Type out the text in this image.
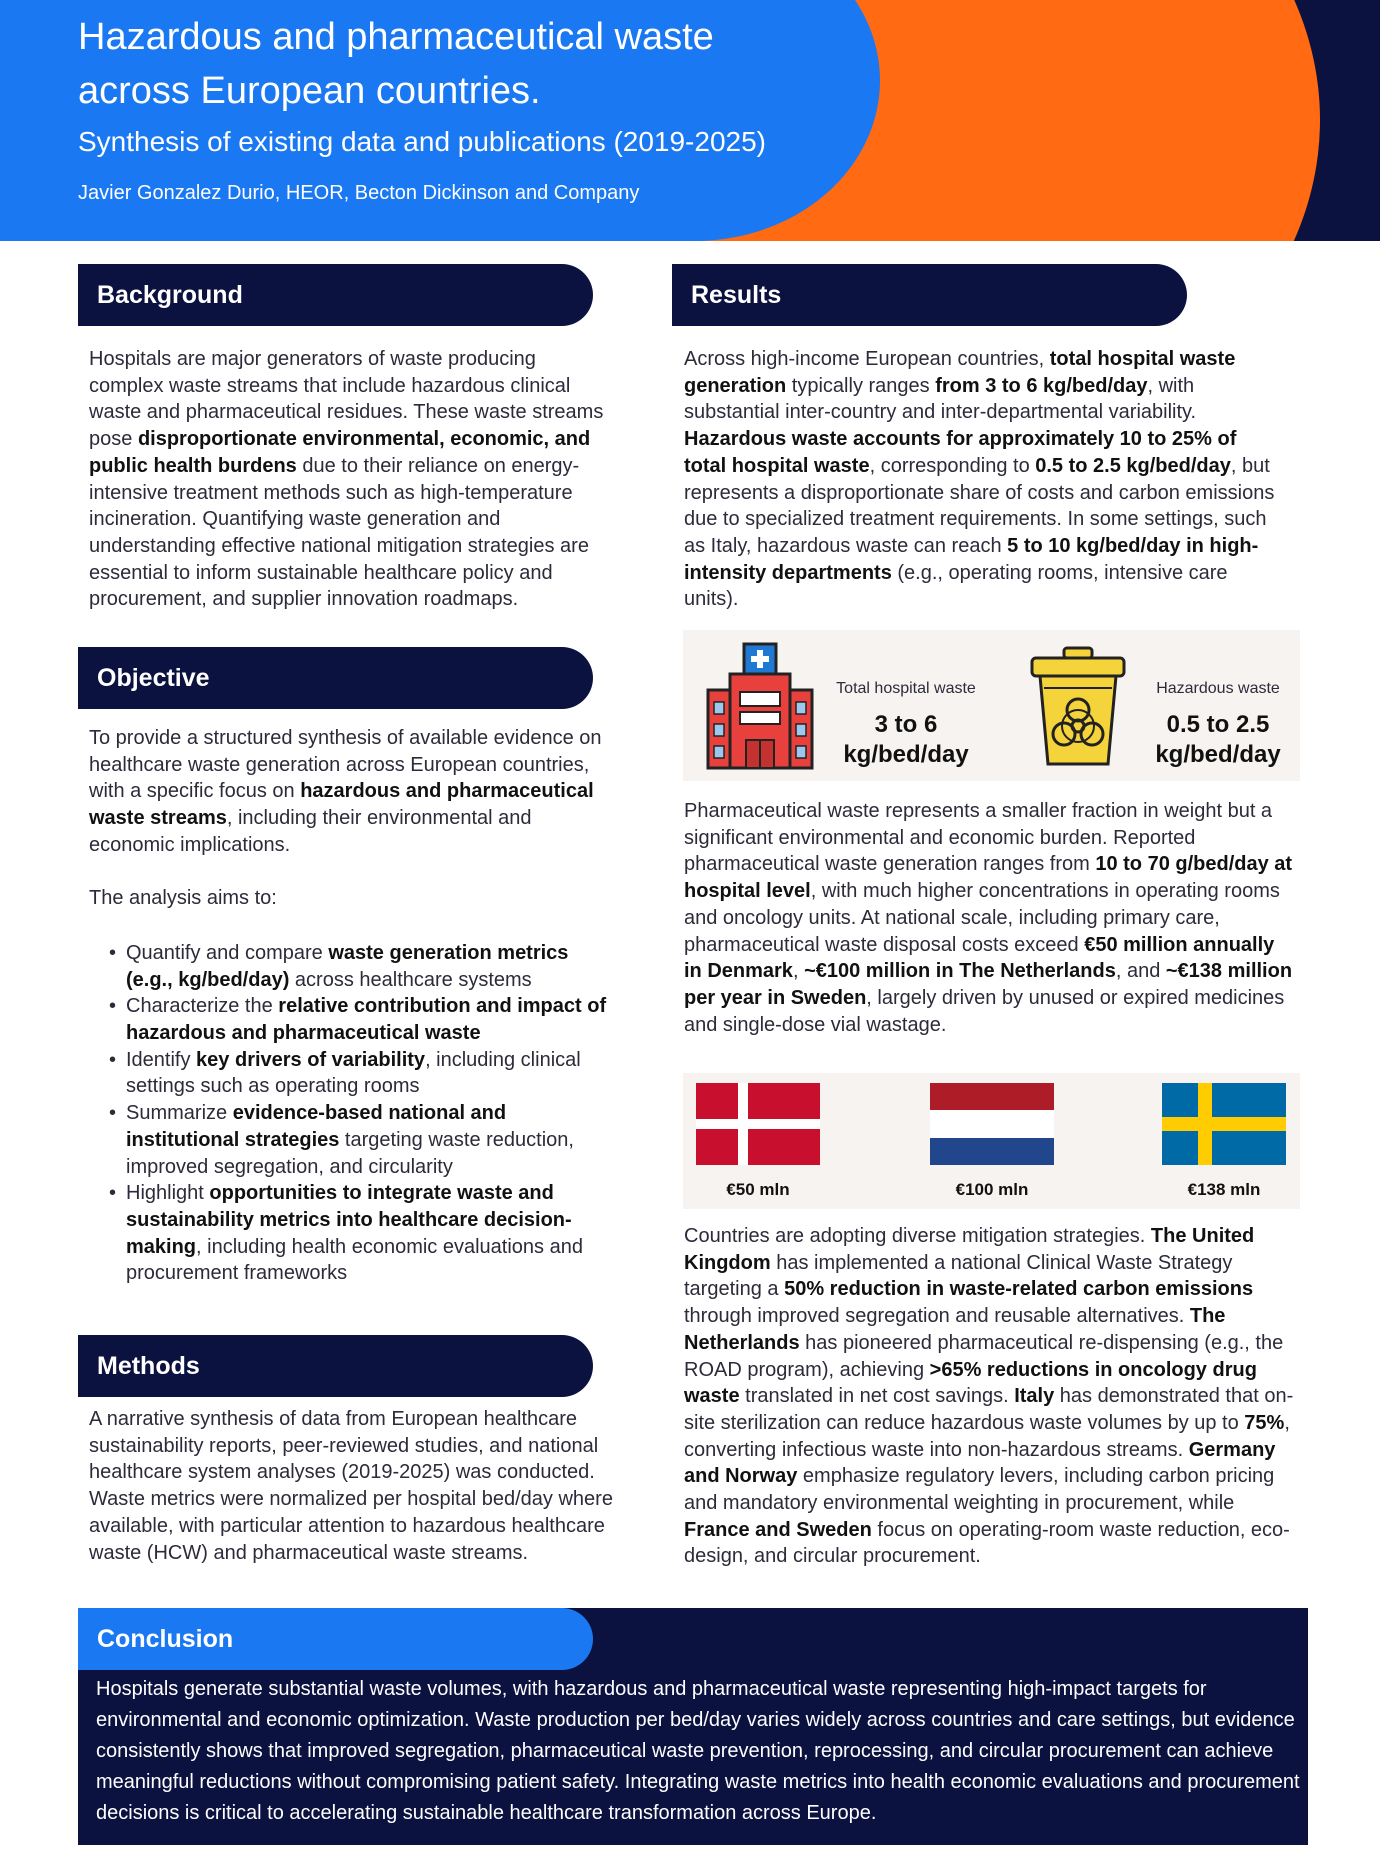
Hazardous and pharmaceutical waste
across European countries.

Synthesis of existing data and publications (2019-2025)

Javier Gonzalez Durio, HEOR, Becton Dickinson and Company

Background

Hospitals are major generators of waste producing complex waste streams that include hazardous clinical waste and pharmaceutical residues. These waste streams pose disproportionate environmental, economic, and public health burdens due to their reliance on energy-intensive treatment methods such as high-temperature incineration. Quantifying waste generation and understanding effective national mitigation strategies are essential to inform sustainable healthcare policy and procurement, and supplier innovation roadmaps.

Objective

To provide a structured synthesis of available evidence on healthcare waste generation across European countries, with a specific focus on hazardous and pharmaceutical waste streams, including their environmental and economic implications.

The analysis aims to:

• Quantify and compare waste generation metrics (e.g., kg/bed/day) across healthcare systems
• Characterize the relative contribution and impact of hazardous and pharmaceutical waste
• Identify key drivers of variability, including clinical settings such as operating rooms
• Summarize evidence-based national and institutional strategies targeting waste reduction, improved segregation, and circularity
• Highlight opportunities to integrate waste and sustainability metrics into healthcare decision-making, including health economic evaluations and procurement frameworks
Methods

A narrative synthesis of data from European healthcare sustainability reports, peer-reviewed studies, and national healthcare system analyses (2019-2025) was conducted. Waste metrics were normalized per hospital bed/day where available, with particular attention to hazardous healthcare waste (HCW) and pharmaceutical waste streams.

Results

Across high-income European countries, total hospital waste generation typically ranges from 3 to 6 kg/bed/day, with substantial inter-country and inter-departmental variability. Hazardous waste accounts for approximately 10 to 25% of total hospital waste, corresponding to 0.5 to 2.5 kg/bed/day, but represents a disproportionate share of costs and carbon emissions due to specialized treatment requirements. In some settings, such as Italy, hazardous waste can reach 5 to 10 kg/bed/day in high-intensity departments (e.g., operating rooms, intensive care units).

Total hospital waste
3 to 6
kg/bed/day
Hazardous waste
0.5 to 2.5
kg/bed/day

Pharmaceutical waste represents a smaller fraction in weight but a significant environmental and economic burden. Reported pharmaceutical waste generation ranges from 10 to 70 g/bed/day at hospital level, with much higher concentrations in operating rooms and oncology units. At national scale, including primary care, pharmaceutical waste disposal costs exceed €50 million annually in Denmark, ~€100 million in The Netherlands, and ~€138 million per year in Sweden, largely driven by unused or expired medicines and single-dose vial wastage.

€50 mln	€100 mln	€138 mln

Countries are adopting diverse mitigation strategies. The United Kingdom has implemented a national Clinical Waste Strategy targeting a 50% reduction in waste-related carbon emissions through improved segregation and reusable alternatives. The Netherlands has pioneered pharmaceutical re-dispensing (e.g., the ROAD program), achieving >65% reductions in oncology drug waste translated in net cost savings. Italy has demonstrated that on-site sterilization can reduce hazardous waste volumes by up to 75%, converting infectious waste into non-hazardous streams. Germany and Norway emphasize regulatory levers, including carbon pricing and mandatory environmental weighting in procurement, while France and Sweden focus on operating-room waste reduction, eco-design, and circular procurement.

Conclusion

Hospitals generate substantial waste volumes, with hazardous and pharmaceutical waste representing high-impact targets for environmental and economic optimization. Waste production per bed/day varies widely across countries and care settings, but evidence consistently shows that improved segregation, pharmaceutical waste prevention, reprocessing, and circular procurement can achieve meaningful reductions without compromising patient safety. Integrating waste metrics into health economic evaluations and procurement decisions is critical to accelerating sustainable healthcare transformation across Europe.
